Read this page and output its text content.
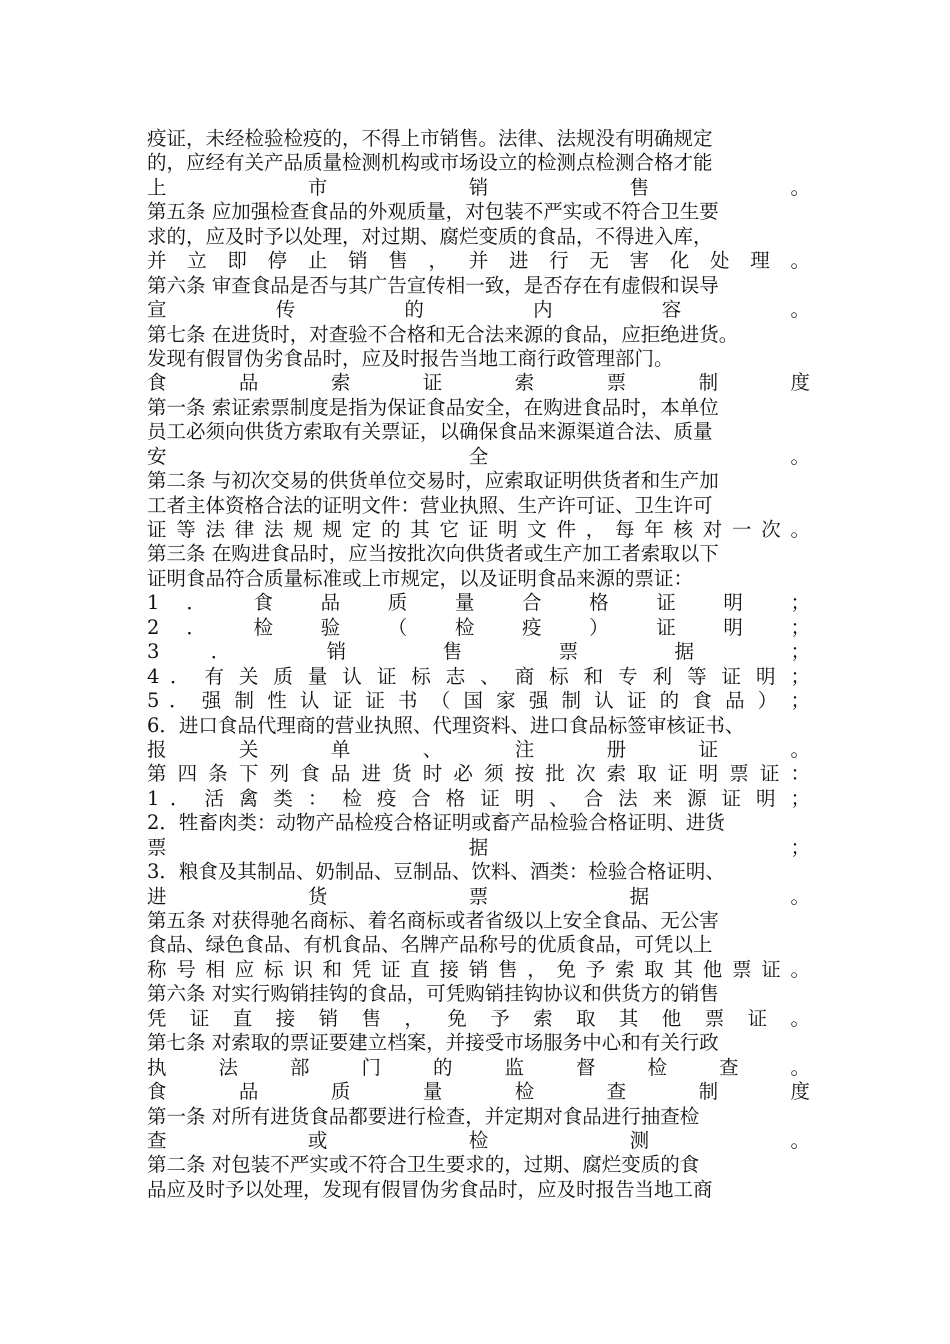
疫证，未经检验检疫的，不得上市销售。法律、法规没有明确规定
的，应经有关产品质量检测机构或市场设立的检测点检测合格才能
上 市 销 售 。
第五条 应加强检查食品的外观质量，对包装不严实或不符合卫生要
求的，应及时予以处理，对过期、腐烂变质的食品，不得进入库，
并 立 即 停 止 销 售 ， 并 进 行 无 害 化 处 理 。
第六条 审查食品是否与其广告宣传相一致，是否存在有虚假和误导
宣 传 的 内 容 。
第七条 在进货时，对查验不合格和无合法来源的食品，应拒绝进货。
发现有假冒伪劣食品时，应及时报告当地工商行政管理部门。
食 品 索 证 索 票 制 度
第一条 索证索票制度是指为保证食品安全，在购进食品时，本单位
员工必须向供货方索取有关票证，以确保食品来源渠道合法、质量
安 全 。
第二条 与初次交易的供货单位交易时，应索取证明供货者和生产加
工者主体资格合法的证明文件：营业执照、生产许可证、卫生许可
证 等 法 律 法 规 规 定 的 其 它 证 明 文 件 ， 每 年 核 对 一 次 。
第三条 在购进食品时，应当按批次向供货者或生产加工者索取以下
证明食品符合质量标准或上市规定，以及证明食品来源的票证：
1 ． 食 品 质 量 合 格 证 明 ；
2 ． 检 验 （ 检 疫 ） 证 明 ；
3 ． 销 售 票 据 ；
4 ． 有 关 质 量 认 证 标 志 、 商 标 和 专 利 等 证 明 ；
5 ． 强 制 性 认 证 证 书 （ 国 家 强 制 认 证 的 食 品 ） ；
6．进口食品代理商的营业执照、代理资料、进口食品标签审核证书、
报 关 单 、 注 册 证 。
第 四 条 下 列 食 品 进 货 时 必 须 按 批 次 索 取 证 明 票 证 ：
1 ． 活 禽 类 ： 检 疫 合 格 证 明 、 合 法 来 源 证 明 ；
2．牲畜肉类：动物产品检疫合格证明或畜产品检验合格证明、进货
票 据 ；
3．粮食及其制品、奶制品、豆制品、饮料、酒类：检验合格证明、
进 货 票 据 。
第五条 对获得驰名商标、着名商标或者省级以上安全食品、无公害
食品、绿色食品、有机食品、名牌产品称号的优质食品，可凭以上
称 号 相 应 标 识 和 凭 证 直 接 销 售 ， 免 予 索 取 其 他 票 证 。
第六条 对实行购销挂钩的食品，可凭购销挂钩协议和供货方的销售
凭 证 直 接 销 售 ， 免 予 索 取 其 他 票 证 。
第七条 对索取的票证要建立档案，并接受市场服务中心和有关行政
执 法 部 门 的 监 督 检 查 。
食 品 质 量 检 查 制 度
第一条 对所有进货食品都要进行检查，并定期对食品进行抽查检
查 或 检 测 。
第二条 对包装不严实或不符合卫生要求的，过期、腐烂变质的食
品应及时予以处理，发现有假冒伪劣食品时，应及时报告当地工商
